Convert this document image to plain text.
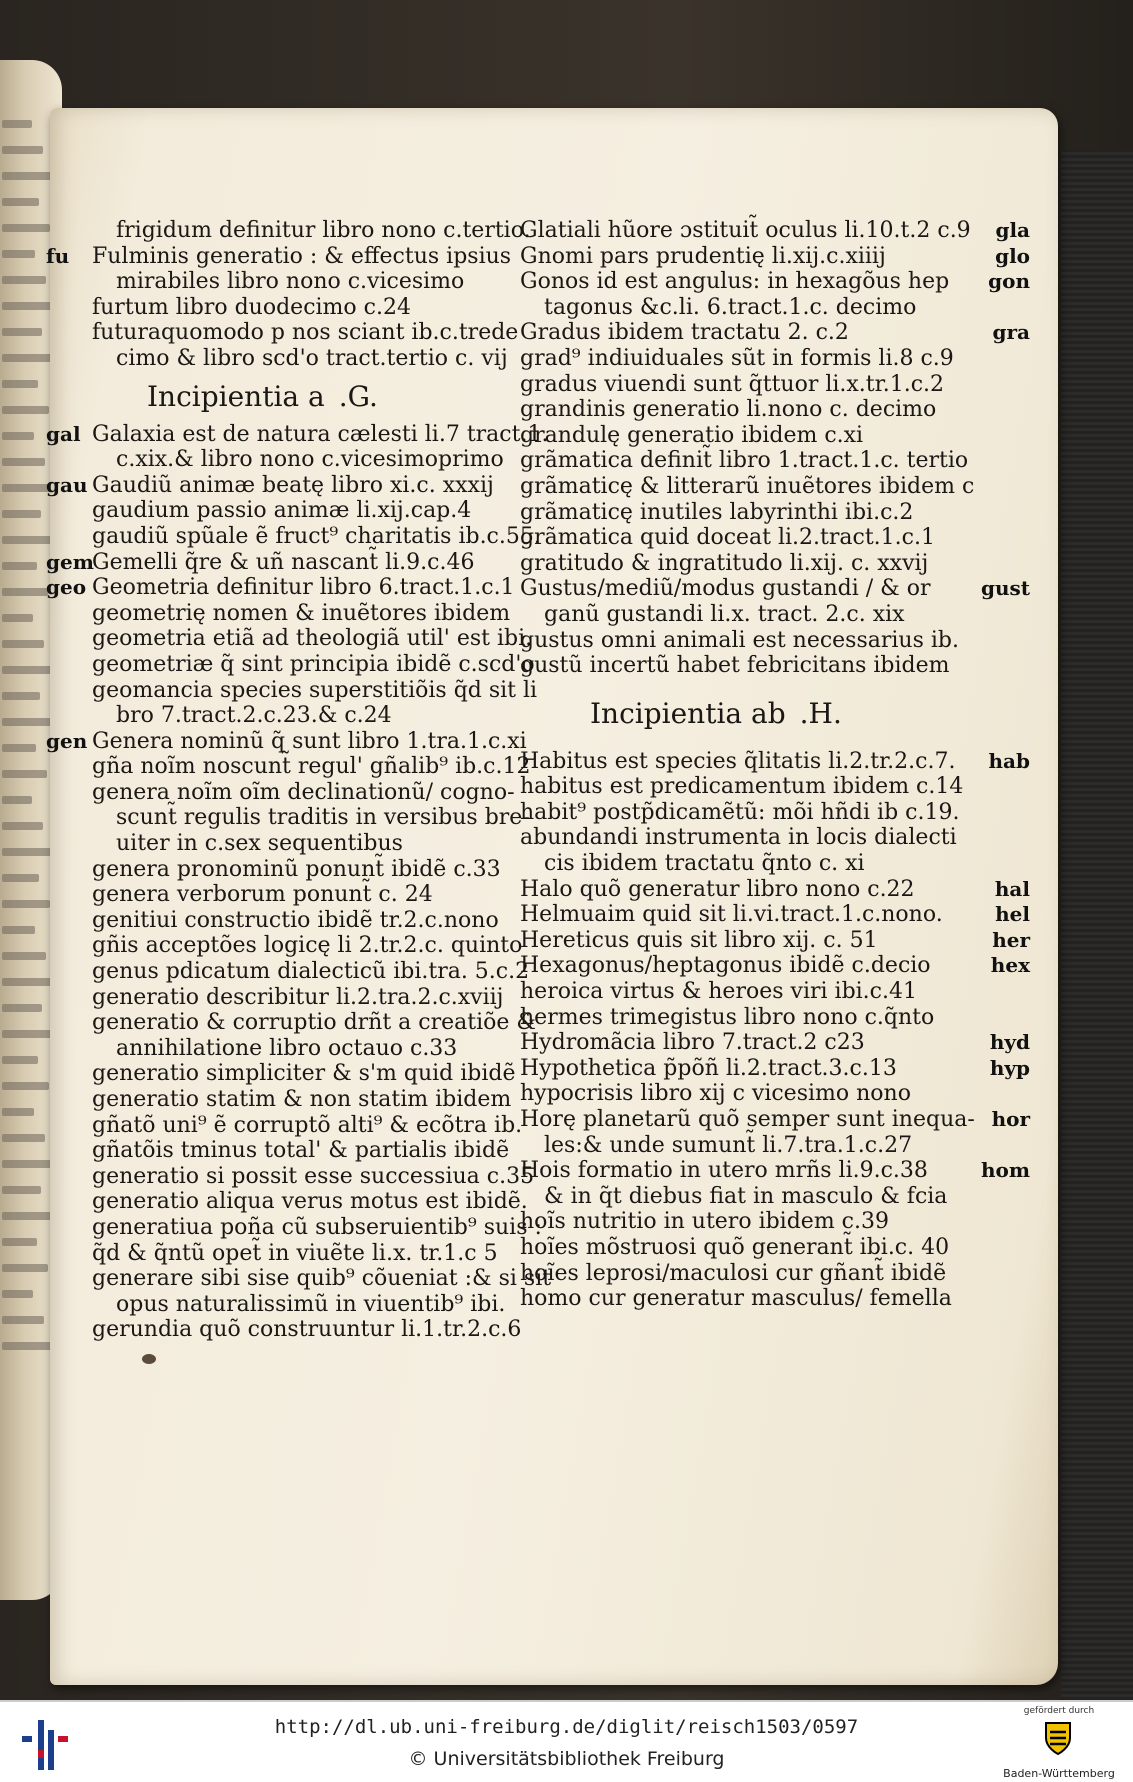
frigidum definitur libro nono c.tertio.
fu Fulminis generatio : & effectus ipsius
mirabiles libro nono c.vicesimo
furtum libro duodecimo c.24
futuraquomodo p nos sciant ib.c.trede
cimo & libro scd'o tract.tertio c. vij
Incipientia a .G.
gal Galaxia est de natura cælesti li.7 tract.1.
c.xix.& libro nono c.vicesimoprimo
gau Gaudiũ animæ beatę libro xi.c. xxxij
gaudium passio animæ li.xij.cap.4
gaudiũ spũale ẽ fruct⁹ charitatis ib.c.55.
gem
Gemelli q̃re & uñ nascant̃ li.9.c.46
geo Geometria definitur libro 6.tract.1.c.1
geometrię nomen & inuẽtores ibidem
geometria etiã ad theologiã util' est ibi.
geometriæ q̃ sint principia ibidẽ c.scd'o
geomancia species superstitiõis q̃d sit li
bro 7.tract.2.c.23.& c.24
gen Genera nominũ q̃ sunt libro 1.tra.1.c.xi
gña noĩm noscunt̃ regul' gñalib⁹ ib.c.12
genera noĩm oĩm declinationũ/ cogno-
scunt̃ regulis traditis in versibus bre-
uiter in c.sex sequentibus
genera pronominũ ponunt̃ ibidẽ c.33
genera verborum ponunt̃ c. 24
genitiui constructio ibidẽ tr.2.c.nono
gñis acceptões logicę li 2.tr.2.c. quinto
genus pdicatum dialecticũ ibi.tra. 5.c.2
generatio describitur li.2.tra.2.c.xviij
generatio & corruptio drñt a creatiõe &
annihilatione libro octauo c.33
generatio simpliciter & s'm quid ibidẽ
generatio statim & non statim ibidem
gñatõ uni⁹ ẽ corruptõ alti⁹ & ecõtra ib.
gñatõis tminus total' & partialis ibidẽ
generatio si possit esse successiua c.35
generatio aliqua verus motus est ibidẽ.
generatiua poña cũ subseruientib⁹ suis :
q̃d & q̃ntũ opet̃ in viuẽte li.x. tr.1.c 5
generare sibi sise quib⁹ cõueniat :& si sit
opus naturalissimũ in viuentib⁹ ibi.
gerundia quõ construuntur li.1.tr.2.c.6
gla
Glatiali hũore ɔstituit̃ oculus li.10.t.2 c.9
glo
Gnomi pars prudentię li.xij.c.xiiij
gon
Gonos id est angulus: in hexagõus hep
tagonus &c.li. 6.tract.1.c. decimo
gra
Gradus ibidem tractatu 2. c.2
grad⁹ indiuiduales sũt in formis li.8 c.9
gradus viuendi sunt q̃ttuor li.x.tr.1.c.2
grandinis generatio li.nono c. decimo
grandulę generatio ibidem c.xi
grãmatica definit̃ libro 1.tract.1.c. tertio
grãmaticę & litterarũ inuẽtores ibidem c
grãmaticę inutiles labyrinthi ibi.c.2
grãmatica quid doceat li.2.tract.1.c.1
gratitudo & ingratitudo li.xij. c. xxvij
gust
Gustus/mediũ/modus gustandi / & or
ganũ gustandi li.x. tract. 2.c. xix
gustus omni animali est necessarius ib.
gustũ incertũ habet febricitans ibidem
Incipientia ab .H.
hab
Habitus est species q̃litatis li.2.tr.2.c.7.
habitus est predicamentum ibidem c.14
habit⁹ postp̃dicamẽtũ: mõi hñdi ib c.19.
abundandi instrumenta in locis dialecti
cis ibidem tractatu q̃nto c. xi
hal
Halo quõ generatur libro nono c.22
hel
Helmuaim quid sit li.vi.tract.1.c.nono.
her
Hereticus quis sit libro xij. c. 51
hex
Hexagonus/heptagonus ibidẽ c.decio
heroica virtus & heroes viri ibi.c.41
hermes trimegistus libro nono c.q̃nto
hyd
Hydromãcia libro 7.tract.2 c23
hyp
Hypothetica p̃põñ li.2.tract.3.c.13
hypocrisis libro xij c vicesimo nono
hor
Horę planetarũ quõ semper sunt inequa-
les:& unde sumunt̃ li.7.tra.1.c.27
hom
Hois formatio in utero mrñs li.9.c.38
& in q̃t diebus fiat in masculo & fcia
hoĩs nutritio in utero ibidem c.39
hoĩes mõstruosi quõ generant̃ ibi.c. 40
hoĩes leprosi/maculosi cur gñant̃ ibidẽ
homo cur generatur masculus/ femella
http://dl.ub.uni-freiburg.de/diglit/reisch1503/0597
© Universitätsbibliothek Freiburg
gefördert durch
Baden-Württemberg
